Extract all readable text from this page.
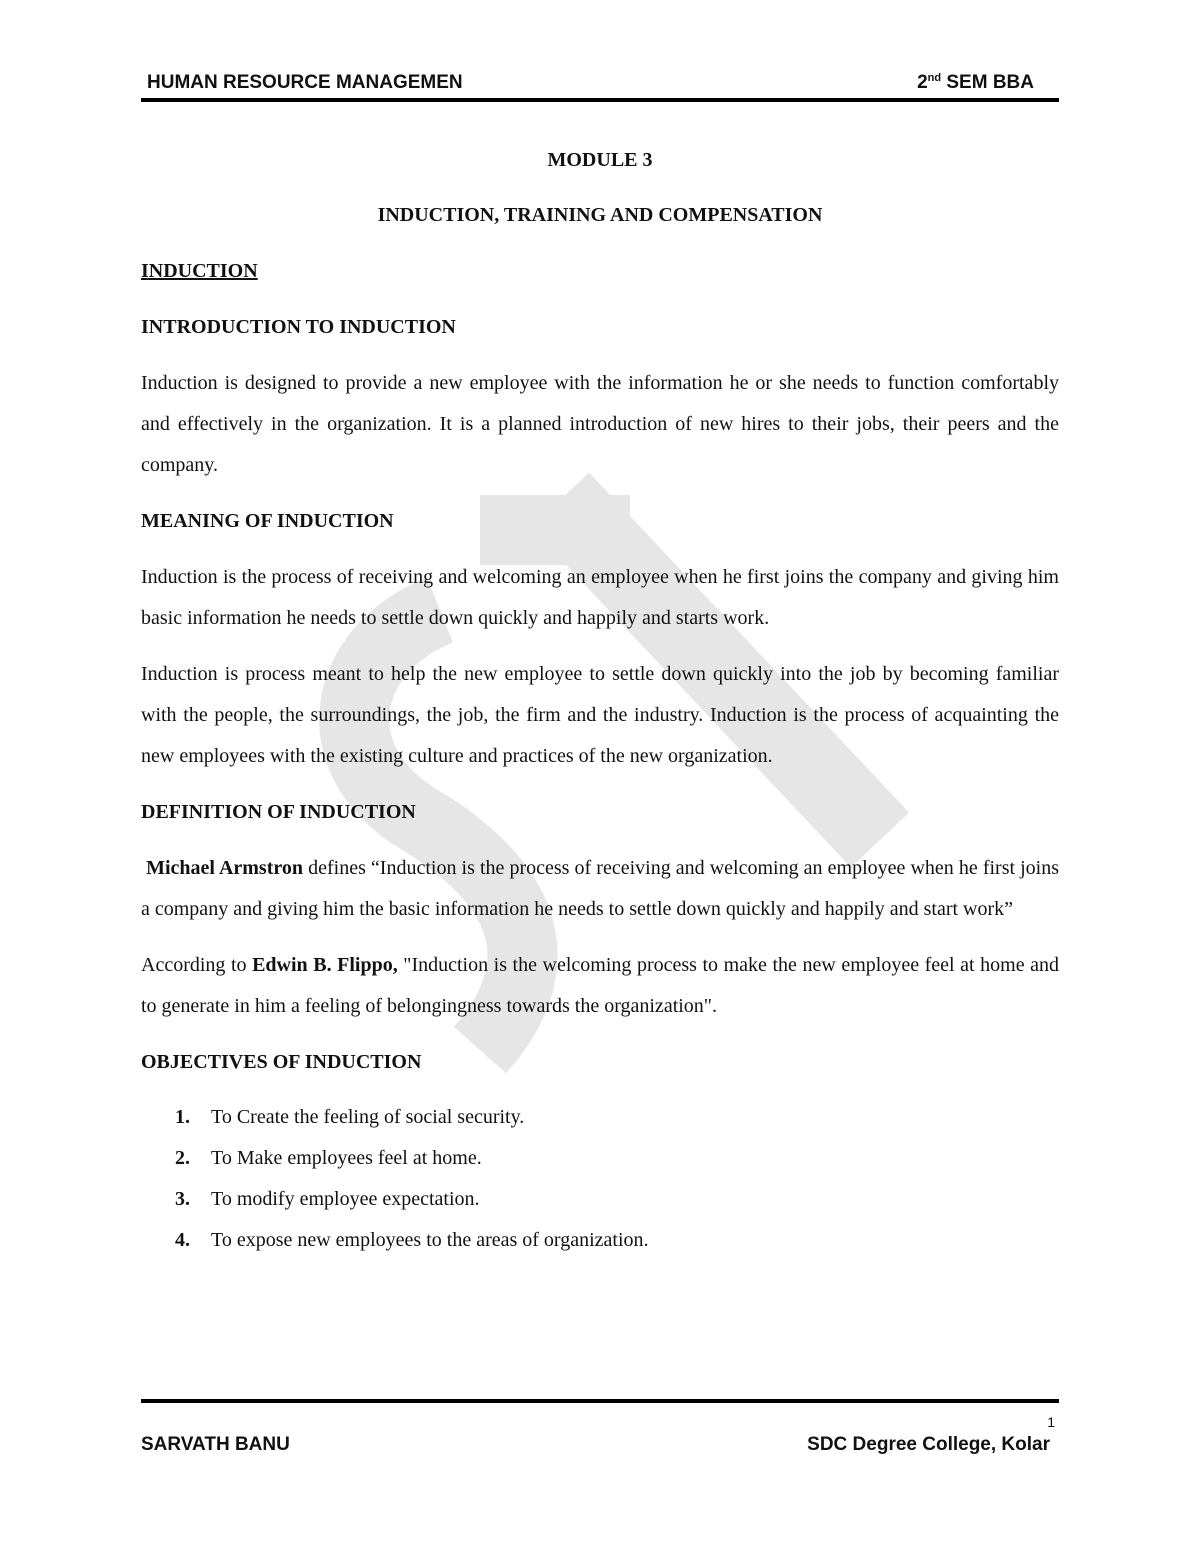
HUMAN RESOURCE MANAGEMEN	2nd SEM BBA

MODULE 3

INDUCTION, TRAINING AND COMPENSATION

INDUCTION

INTRODUCTION TO INDUCTION

Induction is designed to provide a new employee with the information he or she needs to function comfortably and effectively in the organization. It is a planned introduction of new hires to their jobs, their peers and the company.

MEANING OF INDUCTION

Induction is the process of receiving and welcoming an employee when he first joins the company and giving him basic information he needs to settle down quickly and happily and starts work.

Induction is process meant to help the new employee to settle down quickly into the job by becoming familiar with the people, the surroundings, the job, the firm and the industry. Induction is the process of acquainting the new employees with the existing culture and practices of the new organization.

DEFINITION OF INDUCTION

Michael Armstron defines “Induction is the process of receiving and welcoming an employee when he first joins a company and giving him the basic information he needs to settle down quickly and happily and start work”

According to Edwin B. Flippo, "Induction is the welcoming process to make the new employee feel at home and to generate in him a feeling of belongingness towards the organization".

OBJECTIVES OF INDUCTION

1.	To Create the feeling of social security.
2.	To Make employees feel at home.
3.	To modify employee expectation.
4.	To expose new employees to the areas of organization.
1
SARVATH BANU	SDC Degree College, Kolar
